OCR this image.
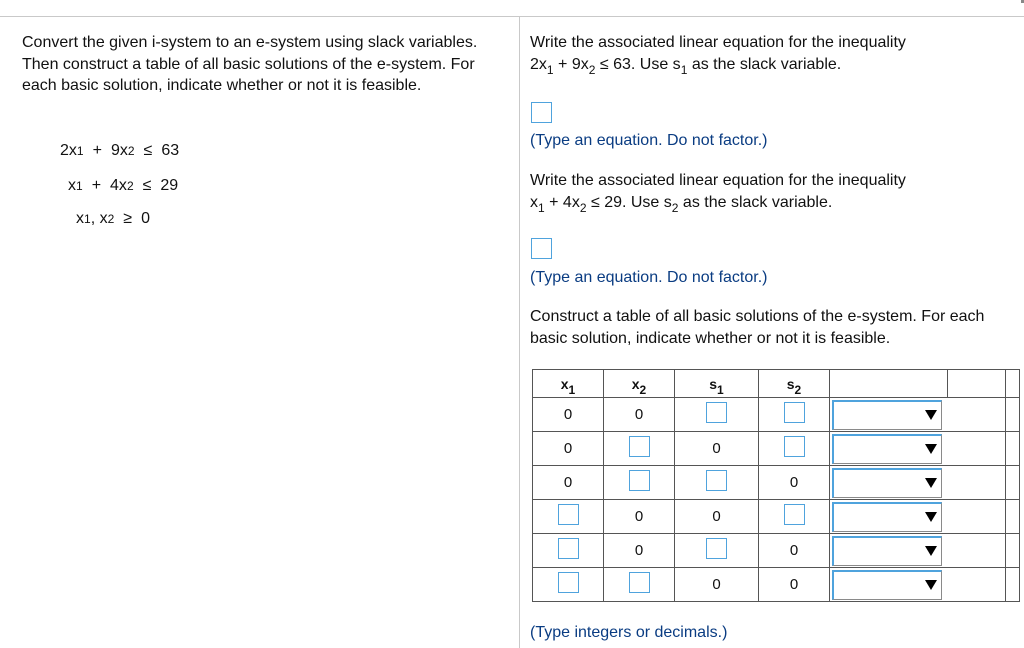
Convert the given i-system to an e-system using slack variables. Then construct a table of all basic solutions of the e-system. For each basic solution, indicate whether or not it is feasible.
2x 1 + 9x 2 ≤ 63
x 1 + 4x 2 ≤ 29
x 1 ,
x 2 ≥ 0
Write the associated linear equation for the inequality
$2x_1 + 9x_2 \le 63$. Use $s_1$ as the slack variable.
(Type an equation. Do not factor.)
Write the associated linear equation for the inequality
$x_1 + 4x_2 \le 29$. Use $s_2$ as the slack variable.
(Type an equation. Do not factor.)
Construct a table of all basic solutions of the e-system. For each basic solution, indicate whether or not it is feasible.
$x_1$	$x_2$	$s_1$	$s_2$			
0	0				

0		0			

0			0		

	0	0			

	0		0		

		0	0		

(Type integers or decimals.)
